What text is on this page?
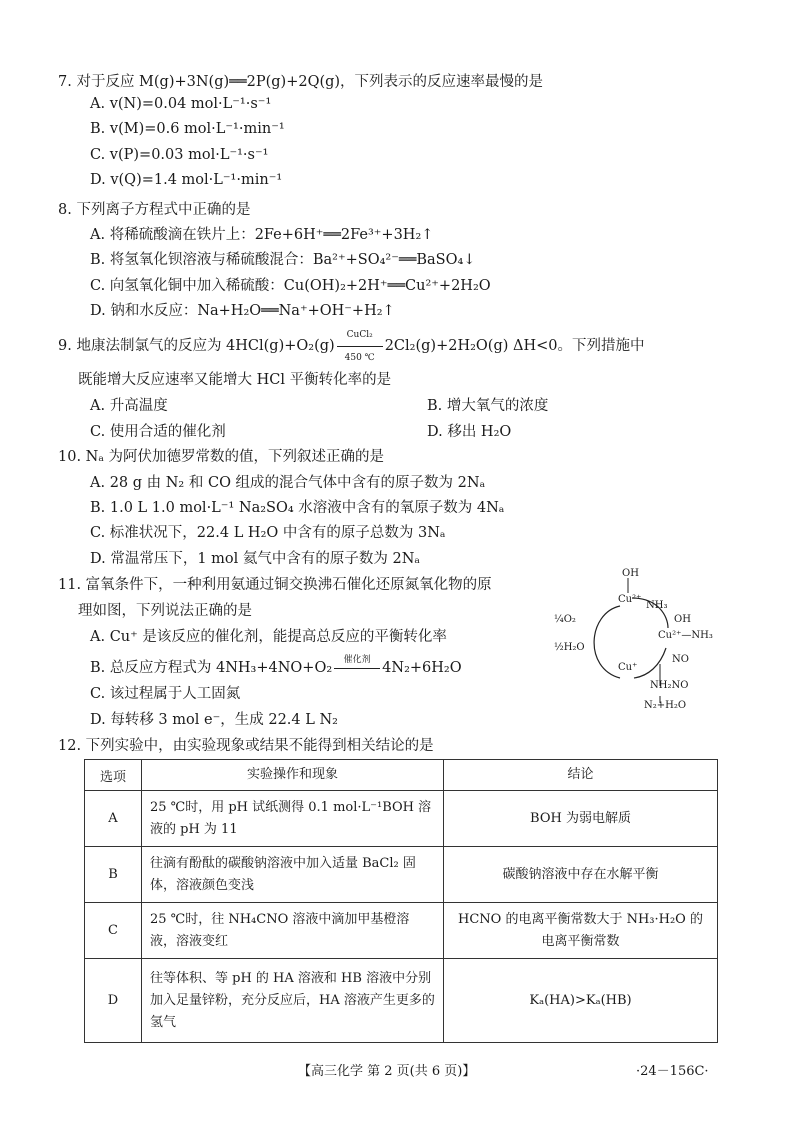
7. 对于反应 M(g)+3N(g)══2P(g)+2Q(g)，下列表示的反应速率最慢的是
A. v(N)=0.04 mol·L⁻¹·s⁻¹
B. v(M)=0.6 mol·L⁻¹·min⁻¹
C. v(P)=0.03 mol·L⁻¹·s⁻¹
D. v(Q)=1.4 mol·L⁻¹·min⁻¹
8. 下列离子方程式中正确的是
A. 将稀硫酸滴在铁片上：2Fe+6H⁺══2Fe³⁺+3H₂↑
B. 将氢氧化钡溶液与稀硫酸混合：Ba²⁺+SO₄²⁻══BaSO₄↓
C. 向氢氧化铜中加入稀硫酸：Cu(OH)₂+2H⁺══Cu²⁺+2H₂O
D. 钠和水反应：Na+H₂O══Na⁺+OH⁻+H₂↑
9. 地康法制氯气的反应为 4HCl(g)+O₂(g)
CuCl₂
450 ℃
2Cl₂(g)+2H₂O(g) ΔH<0。下列措施中
既能增大反应速率又能增大 HCl 平衡转化率的是
A. 升高温度	B. 增大氧气的浓度
C. 使用合适的催化剂	D. 移出 H₂O
10. Nₐ 为阿伏加德罗常数的值，下列叙述正确的是
A. 28 g 由 N₂ 和 CO 组成的混合气体中含有的原子数为 2Nₐ
B. 1.0 L 1.0 mol·L⁻¹ Na₂SO₄ 水溶液中含有的氧原子数为 4Nₐ
C. 标准状况下，22.4 L H₂O 中含有的原子总数为 3Nₐ
D. 常温常压下，1 mol 氦气中含有的原子数为 2Nₐ
11. 富氧条件下，一种利用氨通过铜交换沸石催化还原氮氧化物的原
理如图，下列说法正确的是
A. Cu⁺ 是该反应的催化剂，能提高总反应的平衡转化率
B. 总反应方程式为 4NH₃+4NO+O₂	催化剂 4N₂+6H₂O
C. 该过程属于人工固氮
D. 每转移 3 mol e⁻，生成 22.4 L N₂
OH
Cu²⁺
NH₃
¼O₂	OH
Cu²⁺—NH₃
½H₂O
Cu⁺
NO
NH₂NO
N₂+H₂O
12. 下列实验中，由实验现象或结果不能得到相关结论的是
选项	实验操作和现象	结论
A	25 ℃时，用 pH 试纸测得 0.1 mol·L⁻¹BOH 溶液的 pH 为 11	BOH 为弱电解质
B	往滴有酚酞的碳酸钠溶液中加入适量 BaCl₂ 固体，溶液颜色变浅	碳酸钠溶液中存在水解平衡
C	25 ℃时，往 NH₄CNO 溶液中滴加甲基橙溶液，溶液变红	HCNO 的电离平衡常数大于 NH₃·H₂O 的电离平衡常数
D	往等体积、等 pH 的 HA 溶液和 HB 溶液中分别加入足量锌粉，充分反应后，HA 溶液产生更多的氢气	Kₐ(HA)>Kₐ(HB)
【高三化学 第 2 页(共 6 页)】	·24－156C·
